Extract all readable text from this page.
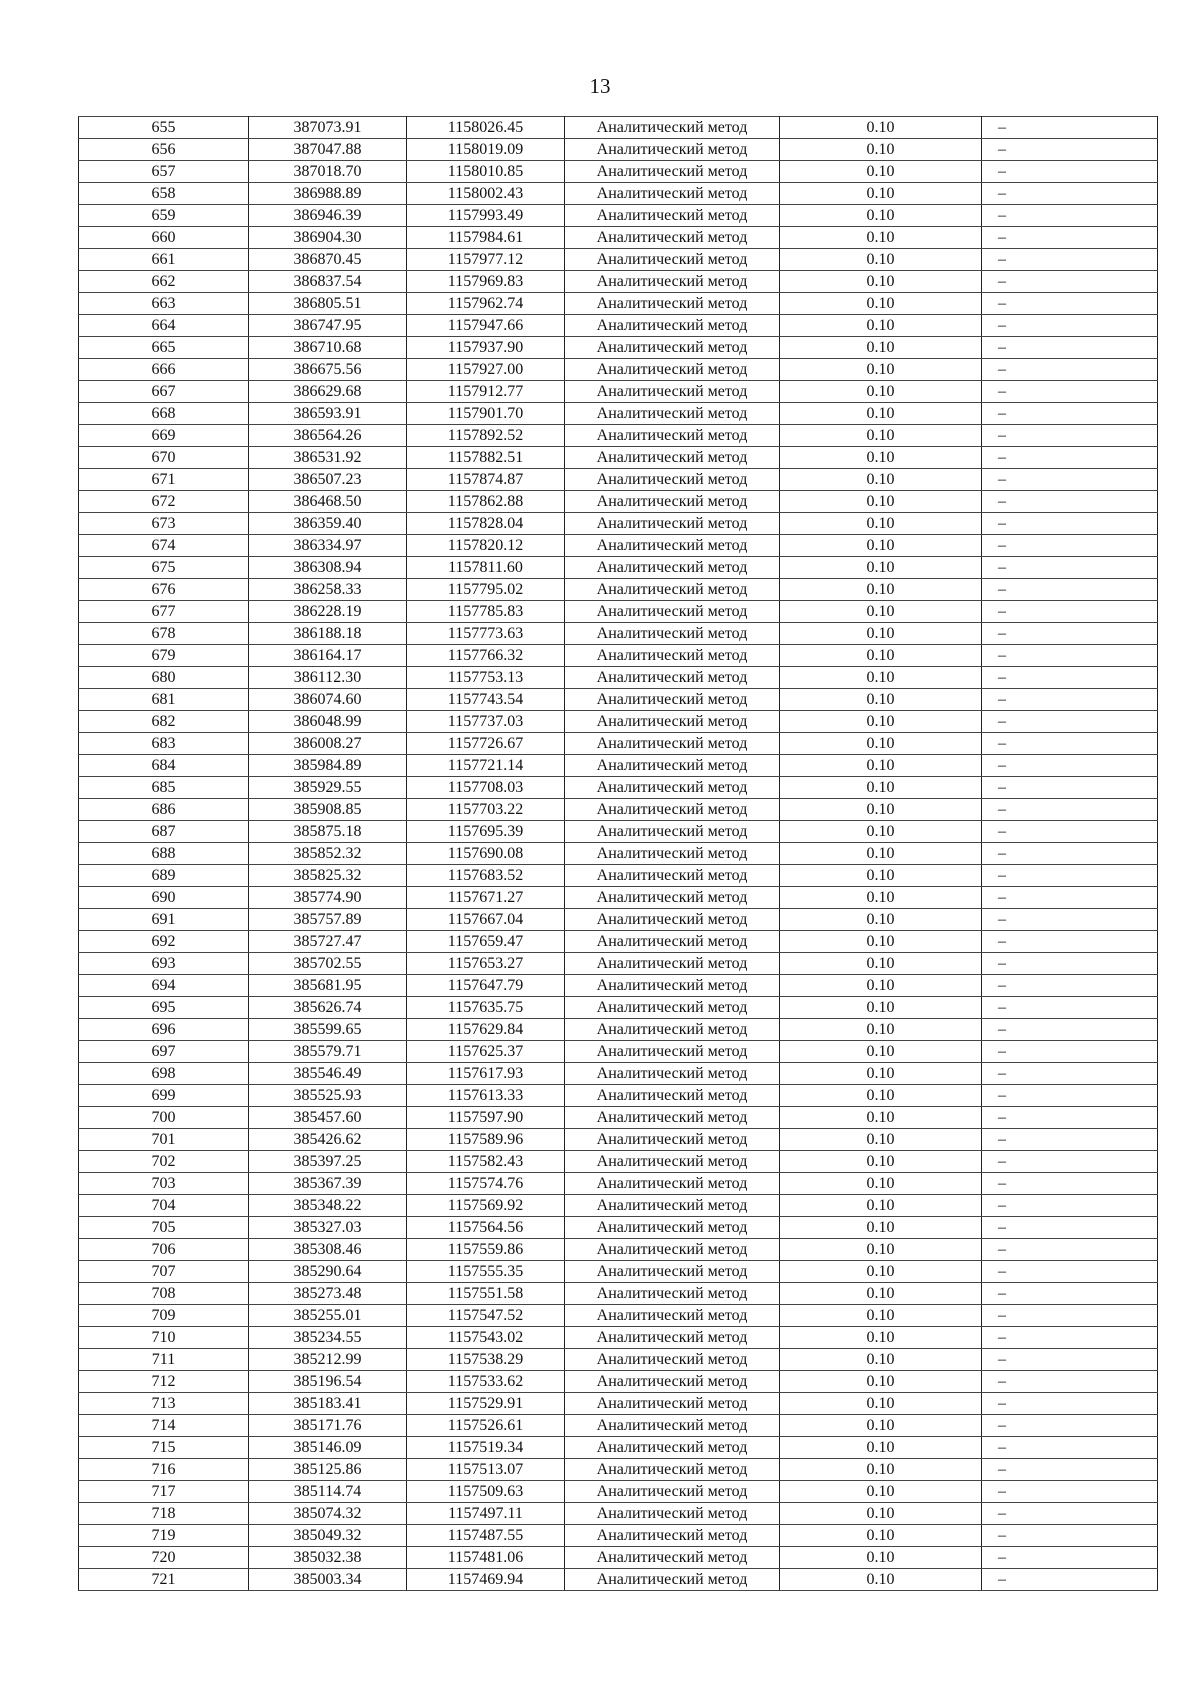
13
655	387073.91	1158026.45	Аналитический метод	0.10	–
656	387047.88	1158019.09	Аналитический метод	0.10	–
657	387018.70	1158010.85	Аналитический метод	0.10	–
658	386988.89	1158002.43	Аналитический метод	0.10	–
659	386946.39	1157993.49	Аналитический метод	0.10	–
660	386904.30	1157984.61	Аналитический метод	0.10	–
661	386870.45	1157977.12	Аналитический метод	0.10	–
662	386837.54	1157969.83	Аналитический метод	0.10	–
663	386805.51	1157962.74	Аналитический метод	0.10	–
664	386747.95	1157947.66	Аналитический метод	0.10	–
665	386710.68	1157937.90	Аналитический метод	0.10	–
666	386675.56	1157927.00	Аналитический метод	0.10	–
667	386629.68	1157912.77	Аналитический метод	0.10	–
668	386593.91	1157901.70	Аналитический метод	0.10	–
669	386564.26	1157892.52	Аналитический метод	0.10	–
670	386531.92	1157882.51	Аналитический метод	0.10	–
671	386507.23	1157874.87	Аналитический метод	0.10	–
672	386468.50	1157862.88	Аналитический метод	0.10	–
673	386359.40	1157828.04	Аналитический метод	0.10	–
674	386334.97	1157820.12	Аналитический метод	0.10	–
675	386308.94	1157811.60	Аналитический метод	0.10	–
676	386258.33	1157795.02	Аналитический метод	0.10	–
677	386228.19	1157785.83	Аналитический метод	0.10	–
678	386188.18	1157773.63	Аналитический метод	0.10	–
679	386164.17	1157766.32	Аналитический метод	0.10	–
680	386112.30	1157753.13	Аналитический метод	0.10	–
681	386074.60	1157743.54	Аналитический метод	0.10	–
682	386048.99	1157737.03	Аналитический метод	0.10	–
683	386008.27	1157726.67	Аналитический метод	0.10	–
684	385984.89	1157721.14	Аналитический метод	0.10	–
685	385929.55	1157708.03	Аналитический метод	0.10	–
686	385908.85	1157703.22	Аналитический метод	0.10	–
687	385875.18	1157695.39	Аналитический метод	0.10	–
688	385852.32	1157690.08	Аналитический метод	0.10	–
689	385825.32	1157683.52	Аналитический метод	0.10	–
690	385774.90	1157671.27	Аналитический метод	0.10	–
691	385757.89	1157667.04	Аналитический метод	0.10	–
692	385727.47	1157659.47	Аналитический метод	0.10	–
693	385702.55	1157653.27	Аналитический метод	0.10	–
694	385681.95	1157647.79	Аналитический метод	0.10	–
695	385626.74	1157635.75	Аналитический метод	0.10	–
696	385599.65	1157629.84	Аналитический метод	0.10	–
697	385579.71	1157625.37	Аналитический метод	0.10	–
698	385546.49	1157617.93	Аналитический метод	0.10	–
699	385525.93	1157613.33	Аналитический метод	0.10	–
700	385457.60	1157597.90	Аналитический метод	0.10	–
701	385426.62	1157589.96	Аналитический метод	0.10	–
702	385397.25	1157582.43	Аналитический метод	0.10	–
703	385367.39	1157574.76	Аналитический метод	0.10	–
704	385348.22	1157569.92	Аналитический метод	0.10	–
705	385327.03	1157564.56	Аналитический метод	0.10	–
706	385308.46	1157559.86	Аналитический метод	0.10	–
707	385290.64	1157555.35	Аналитический метод	0.10	–
708	385273.48	1157551.58	Аналитический метод	0.10	–
709	385255.01	1157547.52	Аналитический метод	0.10	–
710	385234.55	1157543.02	Аналитический метод	0.10	–
711	385212.99	1157538.29	Аналитический метод	0.10	–
712	385196.54	1157533.62	Аналитический метод	0.10	–
713	385183.41	1157529.91	Аналитический метод	0.10	–
714	385171.76	1157526.61	Аналитический метод	0.10	–
715	385146.09	1157519.34	Аналитический метод	0.10	–
716	385125.86	1157513.07	Аналитический метод	0.10	–
717	385114.74	1157509.63	Аналитический метод	0.10	–
718	385074.32	1157497.11	Аналитический метод	0.10	–
719	385049.32	1157487.55	Аналитический метод	0.10	–
720	385032.38	1157481.06	Аналитический метод	0.10	–
721	385003.34	1157469.94	Аналитический метод	0.10	–
